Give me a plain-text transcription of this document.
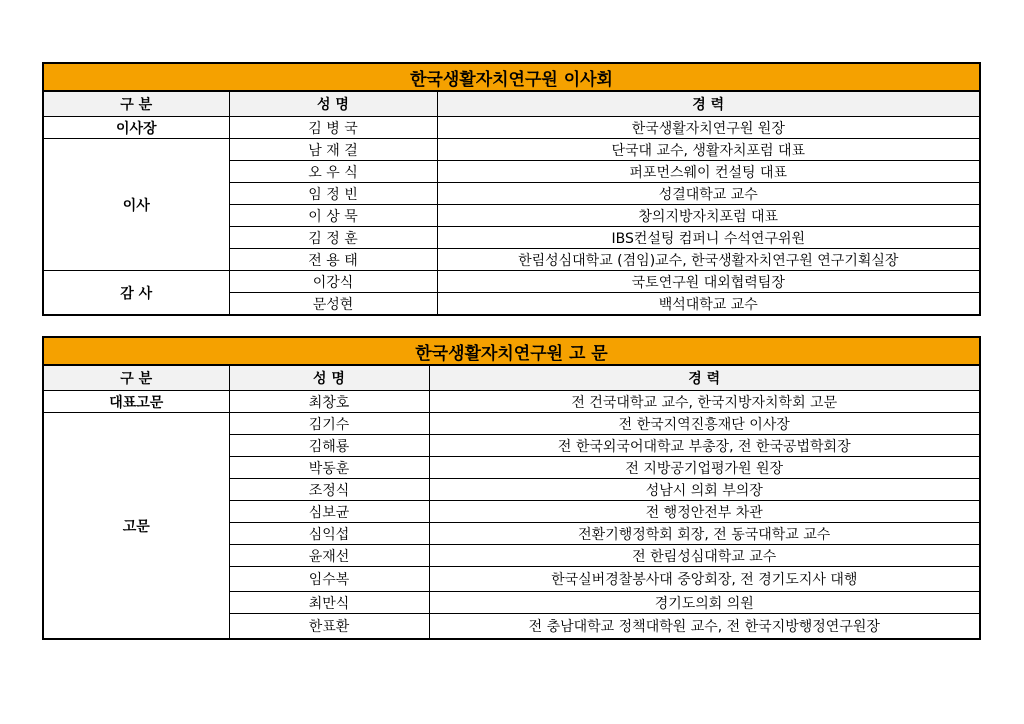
한국생활자치연구원 이사회		
구 분	성 명	경 력
이사장	김 병 국	한국생활자치연구원 원장
이사	남 재 걸	단국대 교수, 생활자치포럼 대표
	오 우 식	퍼포먼스웨이 컨설팅 대표
	임 정 빈	성결대학교 교수
	이 상 묵	창의지방자치포럼 대표
	김 정 훈	IBS컨설팅 컴퍼니 수석연구위원
	전 용 태	한림성심대학교 (겸임)교수, 한국생활자치연구원 연구기획실장
감 사	이강식	국토연구원 대외협력팀장
	문성현	백석대학교 교수
한국생활자치연구원 고 문		
구 분	성 명	경 력
대표고문	최창호	전 건국대학교 교수, 한국지방자치학회 고문
고문	김기수	전 한국지역진흥재단 이사장
	김해룡	전 한국외국어대학교 부총장, 전 한국공법학회장
	박동훈	전 지방공기업평가원 원장
	조정식	성남시 의회 부의장
	심보균	전 행정안전부 차관
	심익섭	전환기행정학회 회장, 전 동국대학교 교수
	윤재선	전 한림성심대학교 교수
	임수복	한국실버경찰봉사대 중앙회장, 전 경기도지사 대행
	최만식	경기도의회 의원
	한표환	전 충남대학교 정책대학원 교수, 전 한국지방행정연구원장
